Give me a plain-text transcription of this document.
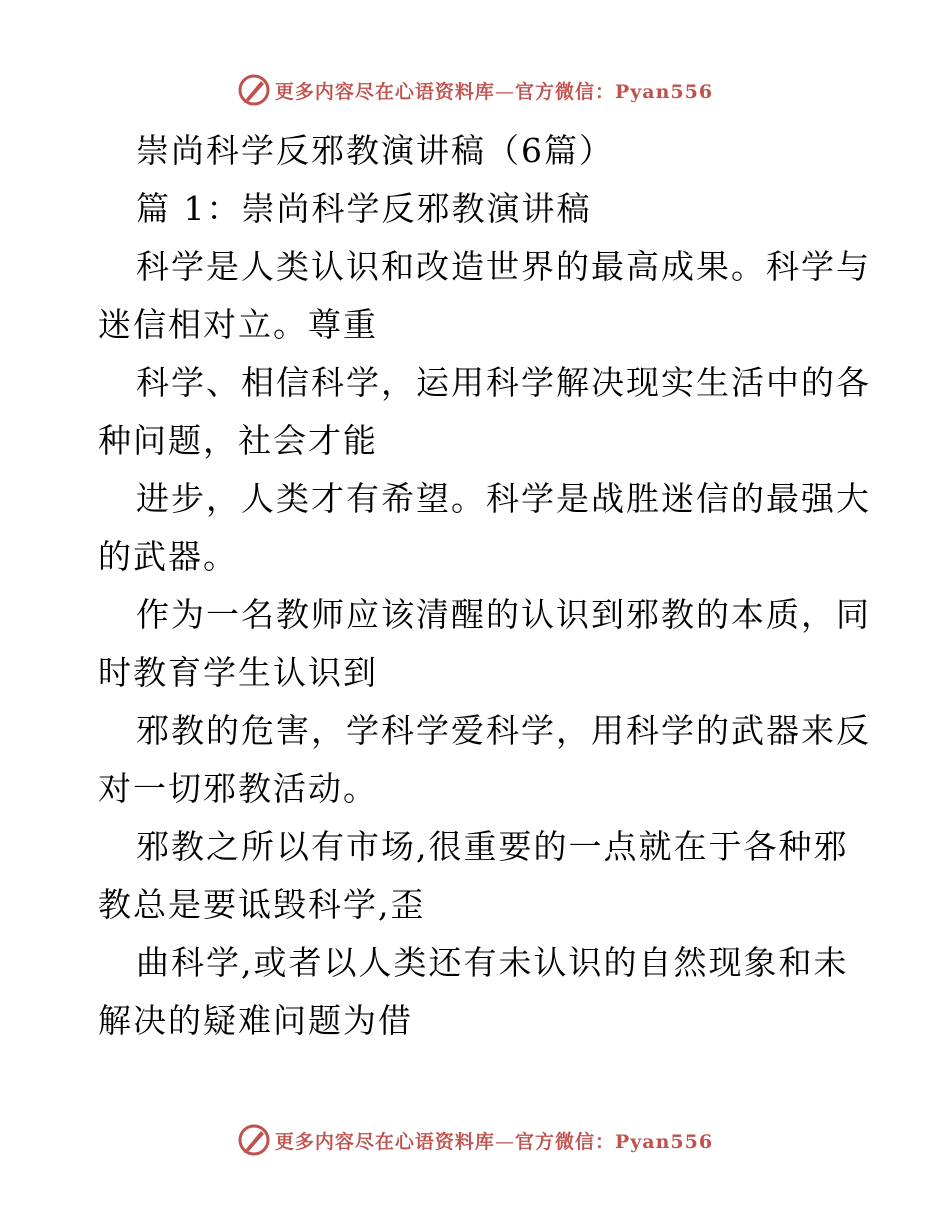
更多内容尽在心语资料库—官方微信：Pyan556
崇尚科学反邪教演讲稿（6篇）
篇 1：崇尚科学反邪教演讲稿
科学是人类认识和改造世界的最高成果。科学与
迷信相对立。尊重
科学、相信科学，运用科学解决现实生活中的各
种问题，社会才能
进步，人类才有希望。科学是战胜迷信的最强大
的武器。
作为一名教师应该清醒的认识到邪教的本质，同
时教育学生认识到
邪教的危害，学科学爱科学，用科学的武器来反
对一切邪教活动。
邪教之所以有市场,很重要的一点就在于各种邪
教总是要诋毁科学,歪
曲科学,或者以人类还有未认识的自然现象和未
解决的疑难问题为借
更多内容尽在心语资料库—官方微信：Pyan556
